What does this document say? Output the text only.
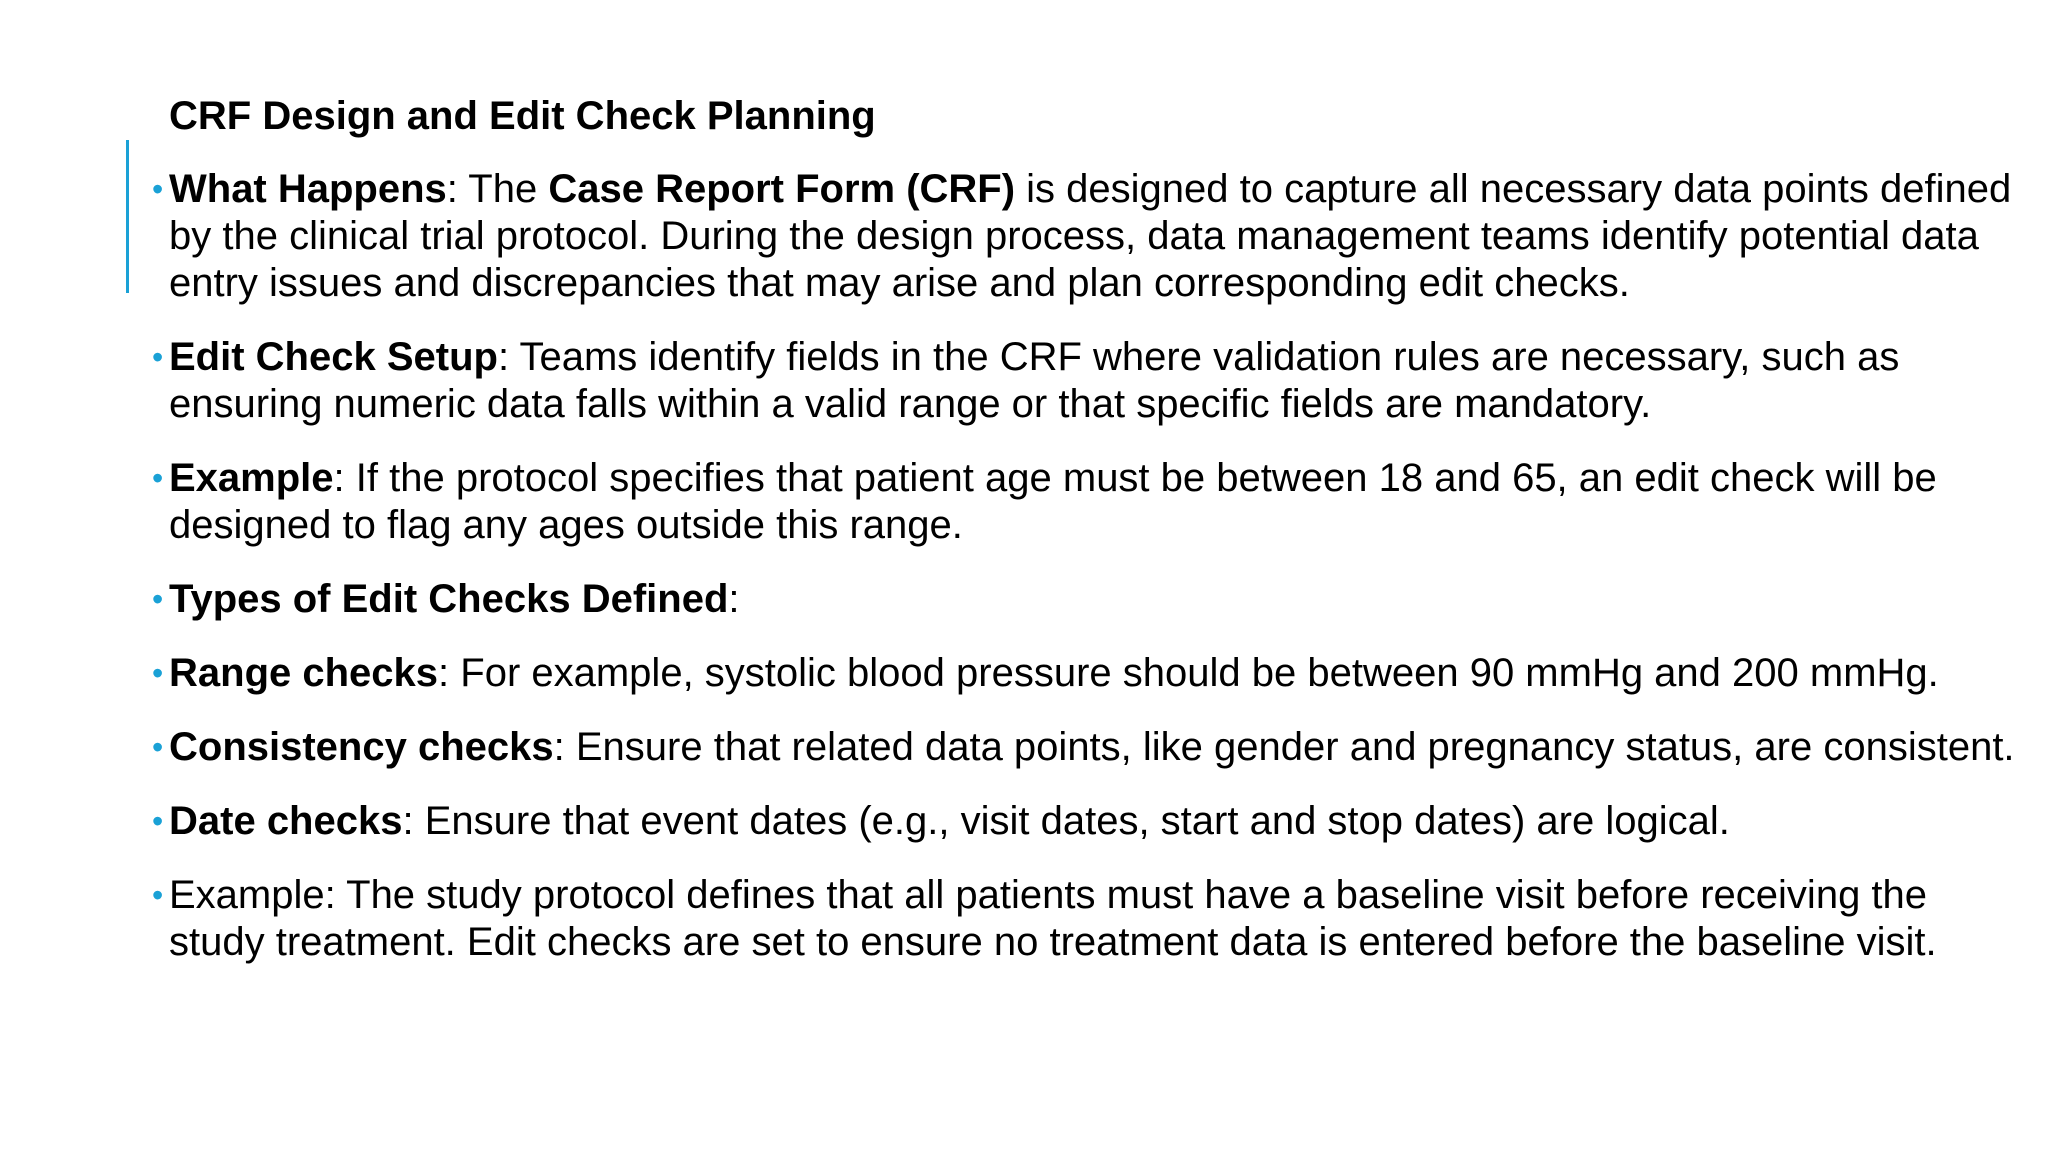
CRF Design and Edit Check Planning
• What Happens: The Case Report Form (CRF) is designed to capture all necessary data points defined by the clinical trial protocol. During the design process, data management teams identify potential data entry issues and discrepancies that may arise and plan corresponding edit checks.
• Edit Check Setup: Teams identify fields in the CRF where validation rules are necessary, such as ensuring numeric data falls within a valid range or that specific fields are mandatory.
• Example: If the protocol specifies that patient age must be between 18 and 65, an edit check will be designed to flag any ages outside this range.
• Types of Edit Checks Defined:
• Range checks: For example, systolic blood pressure should be between 90 mmHg and 200 mmHg.
• Consistency checks: Ensure that related data points, like gender and pregnancy status, are consistent.
• Date checks: Ensure that event dates (e.g., visit dates, start and stop dates) are logical.
• Example: The study protocol defines that all patients must have a baseline visit before receiving the study treatment. Edit checks are set to ensure no treatment data is entered before the baseline visit.
